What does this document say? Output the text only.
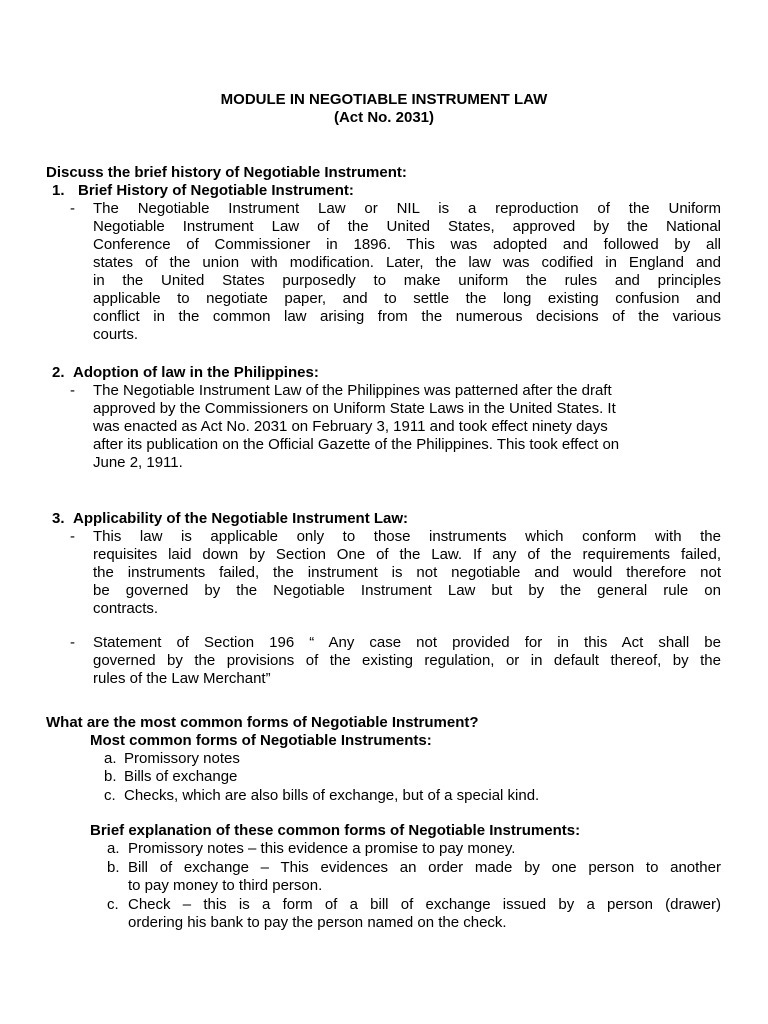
MODULE IN NEGOTIABLE INSTRUMENT LAW
(Act No. 2031)
Discuss the brief history of Negotiable Instrument:
1. Brief History of Negotiable Instrument:
- The Negotiable Instrument Law or NIL is a reproduction of the Uniform
Negotiable Instrument Law of the United States, approved by the National
Conference of Commissioner in 1896. This was adopted and followed by all
states of the union with modification. Later, the law was codified in England and
in the United States purposedly to make uniform the rules and principles
applicable to negotiate paper, and to settle the long existing confusion and
conflict in the common law arising from the numerous decisions of the various
courts.
2. Adoption of law in the Philippines:
- The Negotiable Instrument Law of the Philippines was patterned after the draft
approved by the Commissioners on Uniform State Laws in the United States. It
was enacted as Act No. 2031 on February 3, 1911 and took effect ninety days
after its publication on the Official Gazette of the Philippines. This took effect on
June 2, 1911.
3. Applicability of the Negotiable Instrument Law:
- This law is applicable only to those instruments which conform with the
requisites laid down by Section One of the Law. If any of the requirements failed,
the instruments failed, the instrument is not negotiable and would therefore not
be governed by the Negotiable Instrument Law but by the general rule on
contracts.
- Statement of Section 196 “ Any case not provided for in this Act shall be
governed by the provisions of the existing regulation, or in default thereof, by the
rules of the Law Merchant”
What are the most common forms of Negotiable Instrument?
Most common forms of Negotiable Instruments:
a. Promissory notes
b. Bills of exchange
c. Checks, which are also bills of exchange, but of a special kind.
Brief explanation of these common forms of Negotiable Instruments:
a. Promissory notes – this evidence a promise to pay money.
b. Bill of exchange – This evidences an order made by one person to another
to pay money to third person.
c. Check – this is a form of a bill of exchange issued by a person (drawer)
ordering his bank to pay the person named on the check.
